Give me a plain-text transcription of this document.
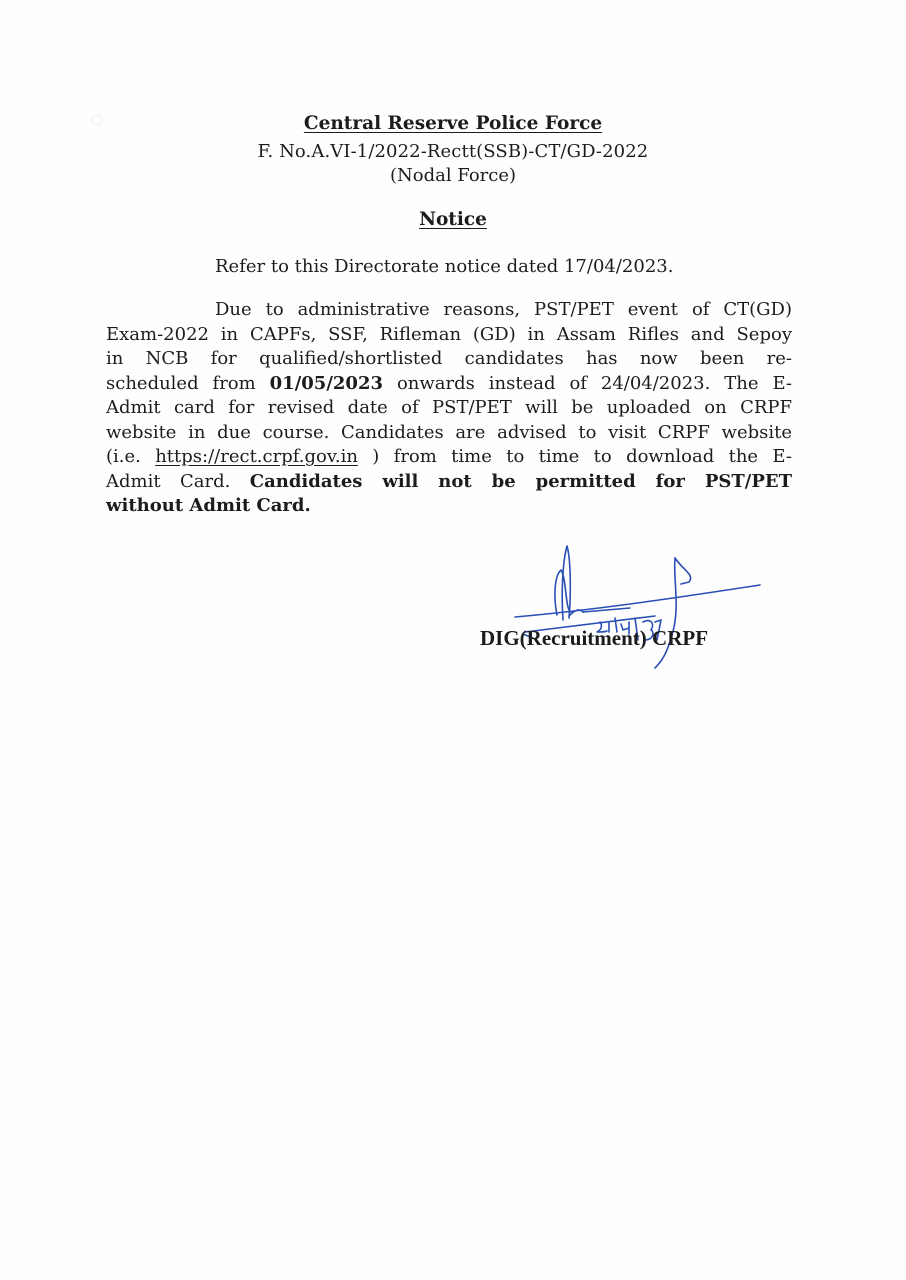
Central Reserve Police Force
F. No.A.VI-1/2022-Rectt(SSB)-CT/GD-2022
(Nodal Force)
Notice
Refer to this Directorate notice dated 17/04/2023.
Due to administrative reasons, PST/PET event of CT(GD)
Exam-2022 in CAPFs, SSF, Rifleman (GD) in Assam Rifles and Sepoy
in NCB for qualified/shortlisted candidates has now been re-
scheduled from 01/05/2023 onwards instead of 24/04/2023. The E-
Admit card for revised date of PST/PET will be uploaded on CRPF
website in due course. Candidates are advised to visit CRPF website
(i.e. https://rect.crpf.gov.in ) from time to time to download the E-
Admit Card. Candidates will not be permitted for PST/PET
without Admit Card.
DIG(Recruitment) CRPF
